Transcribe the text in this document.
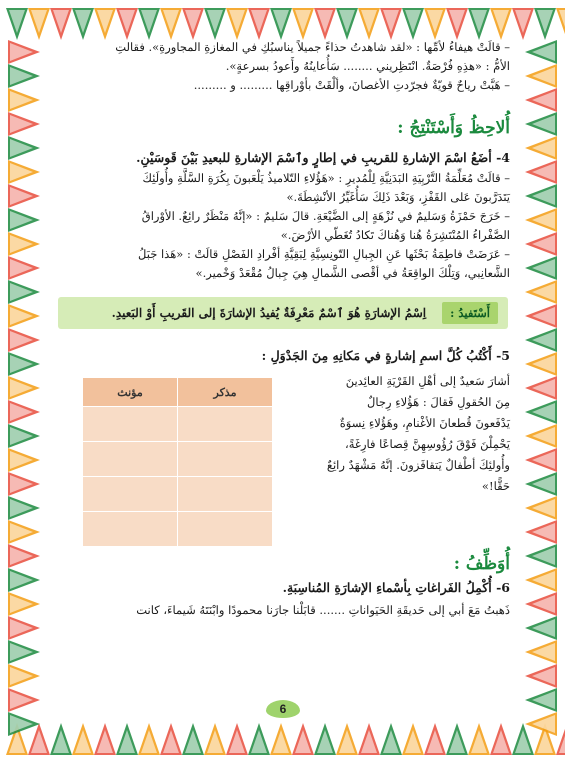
– قالَتْ هيفاءُ لأمِّها : «لقد شاهدتُ حذاءً جميلاً يناسبُكِ في المغازةِ المجاورةِ». فقالتِ

الأمُّ : «هذِهِ فُرْصَةٌ. انْتَظِريني ........ سَأُعاينُهُ وأَعودُ بسرعةٍ».

– هَبَّتْ رياحٌ قويّةٌ فجرّدتِ الأغصانَ، وألْقَتْ بأوْراقِها ......... و .........

أُلاحِظُ وَأَسْتَنْتِجُ :

4- أضَعُ اسْمَ الإشارةِ للقريبِ في إطارٍ وٱسْمَ الإشارةِ للبعيدِ بَيْنَ قَوسَيْنِ.

– قالَتْ مُعَلِّمَةُ التَّرْبِيَةِ البَدَنِيَّةِ لِلْمُديرِ : «هَؤُلاءِ التّلاميذُ يَلْعَبونَ بِكُرَةِ السَّلَّةِ وأُولَئِكَ

يَتَدَرَّبونَ عَلى القَفْزِ، وَبَعْدَ ذَلِكَ سَأُغَيِّرُ الأنْشِطَةَ.»

– خَرَجَ حَمْزَةُ وَسَليمٌ في نُزْهَةٍ إلى الضَّيْعَةِ. قالَ سَليمٌ : «إنَّهُ مَنْظَرٌ رائِعٌ. الأوْراقُ

الصَّفْراءُ المُنْتَشِرَةُ هُنا وَهُناكَ تَكادُ تُغَطّي الأرْضَ.»

– عَرَضَتْ فاطِمَةُ بَحْثَها عَنِ الجِبالِ التّونِسِيَّةِ لِبَقِيَّةِ أفْرادِ الفَصْلِ قالَتْ : «هَذا جَبَلُ

الشَّعانِبي، وَتِلْكَ الواقِعَةُ في أقْصى الشَّمالِ هِيَ جِبالُ مُقْعَدْ وَخْمير.»

أَسْتَفيدُ :
اِسْمُ الإشارَةِ هُوَ ٱسْمٌ مَعْرِفَةٌ يُفيدُ الإشارَةَ إلى القَريبِ أَوْ البَعيدِ.

5- أَكْتُبُ كُلَّ اسمِ إشارةٍ في مَكانِهِ مِنَ الجَدْوَلِ :

أشارَ سَعيدٌ إلى أهْلِ القَرْيَةِ العائِدينَ

مِنَ الحُقولِ فَقالَ : هَؤُلاءِ رِجالٌ

يَدْفَعونَ قُطعانَ الأغْنامِ، وهَؤُلاءِ نِسوَةٌ

يَحْمِلْنَ فَوْقَ رُؤُوسِهِنَّ قِصاعًا فارِغَةً،

وأُولئِكَ أطْفالٌ يَتقافَزونَ. إنَّهُ مَشْهَدٌ رائِعٌ

حَقًّا!»

مذكر	مؤنث

أُوَظِّفُ :

6- أُكْمِلُ الفَراغاتِ بِأسْماءِ الإشارَةِ المُناسِبَةِ.

ذَهبتُ مَعَ أبي إلى حَديقَةِ الحَيَواناتِ ....... قابَلْنا جارَنا محمودًا وابْنَتَهُ شَيماءَ، كانت

6
